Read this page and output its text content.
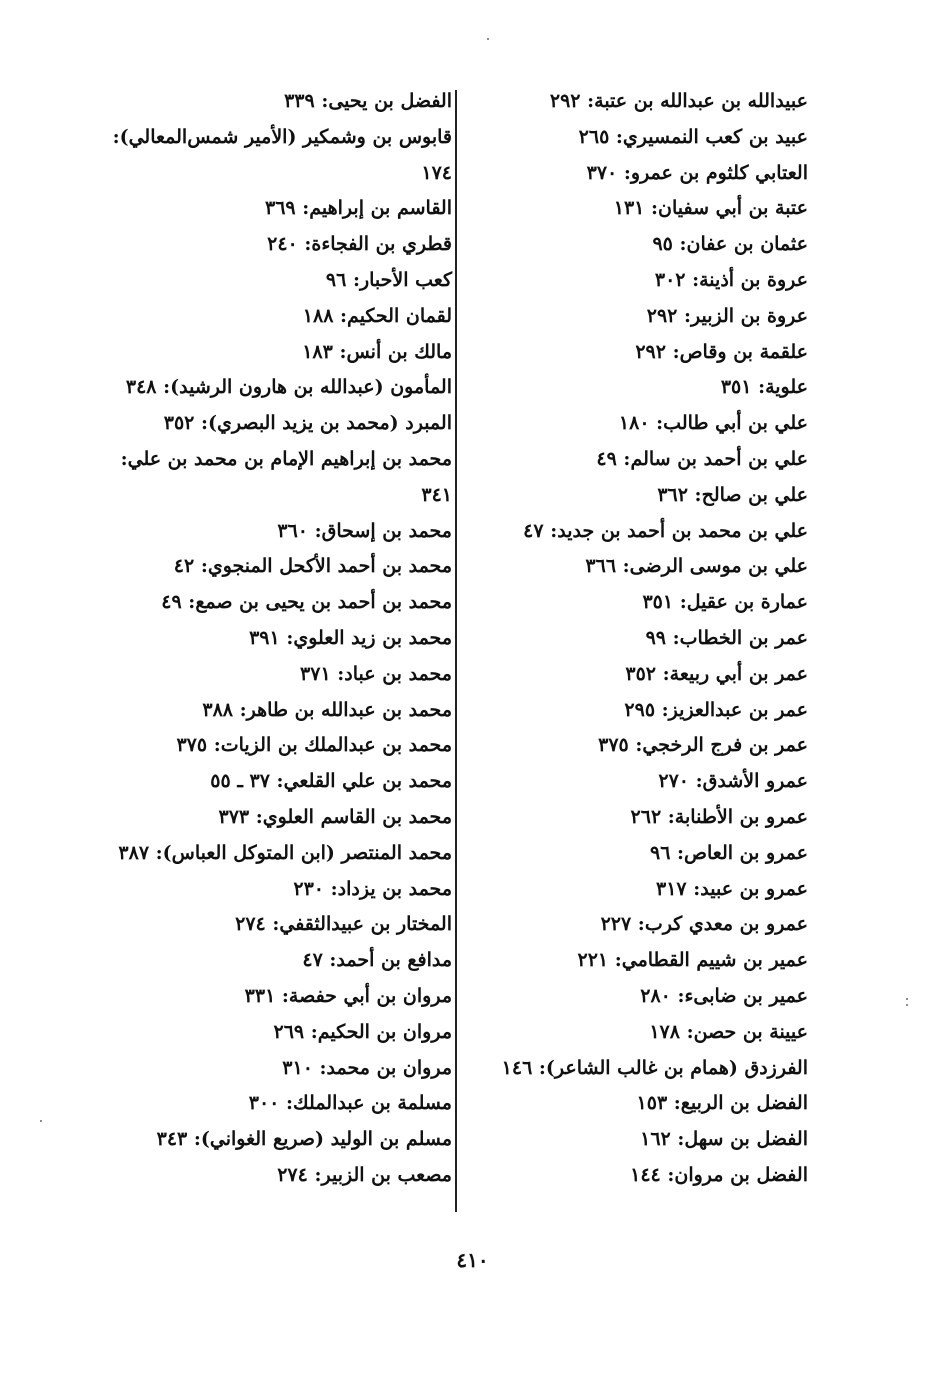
عبيدالله بن عبدالله بن عتبة: ٢٩٢
عبيد بن كعب النمسيري: ٢٦٥
العتابي كلثوم بن عمرو: ٣٧٠
عتبة بن أبي سفيان: ١٣١
عثمان بن عفان: ٩٥
عروة بن أذينة: ٣٠٢
عروة بن الزبير: ٢٩٢
علقمة بن وقاص: ٢٩٢
علوية: ٣٥١
علي بن أبي طالب: ١٨٠
علي بن أحمد بن سالم: ٤٩
علي بن صالح: ٣٦٢
علي بن محمد بن أحمد بن جديد: ٤٧
علي بن موسى الرضى: ٣٦٦
عمارة بن عقيل: ٣٥١
عمر بن الخطاب: ٩٩
عمر بن أبي ربيعة: ٣٥٢
عمر بن عبدالعزيز: ٢٩٥
عمر بن فرج الرخجي: ٣٧٥
عمرو الأشدق: ٢٧٠
عمرو بن الأطنابة: ٢٦٢
عمرو بن العاص: ٩٦
عمرو بن عبيد: ٣١٧
عمرو بن معدي كرب: ٢٢٧
عمير بن شييم القطامي: ٢٢١
عمير بن ضابىء: ٢٨٠
عيينة بن حصن: ١٧٨
الفرزدق (همام بن غالب الشاعر): ١٤٦
الفضل بن الربيع: ١٥٣
الفضل بن سهل: ١٦٢
الفضل بن مروان: ١٤٤
الفضل بن يحيى: ٣٣٩
قابوس بن وشمكير (الأمير شمس‌المعالي):
١٧٤
القاسم بن إبراهيم: ٣٦٩
قطري بن الفجاءة: ٢٤٠
كعب الأحبار: ٩٦
لقمان الحكيم: ١٨٨
مالك بن أنس: ١٨٣
المأمون (عبدالله بن هارون الرشيد): ٣٤٨
المبرد (محمد بن يزيد البصري): ٣٥٢
محمد بن إبراهيم الإمام بن محمد بن علي:
٣٤١
محمد بن إسحاق: ٣٦٠
محمد بن أحمد الأكحل المنجوي: ٤٢
محمد بن أحمد بن يحيى بن صمع: ٤٩
محمد بن زيد العلوي: ٣٩١
محمد بن عباد: ٣٧١
محمد بن عبدالله بن طاهر: ٣٨٨
محمد بن عبدالملك بن الزيات: ٣٧٥
محمد بن علي القلعي: ٣٧ ـ ٥٥
محمد بن القاسم العلوي: ٣٧٣
محمد المنتصر (ابن المتوكل العباس): ٣٨٧
محمد بن يزداد: ٢٣٠
المختار بن عبيدالثقفي: ٢٧٤
مدافع بن أحمد: ٤٧
مروان بن أبي حفصة: ٣٣١
مروان بن الحكيم: ٢٦٩
مروان بن محمد: ٣١٠
مسلمة بن عبدالملك: ٣٠٠
مسلم بن الوليد (صريع الغواني): ٣٤٣
مصعب بن الزبير: ٢٧٤
٤١٠
